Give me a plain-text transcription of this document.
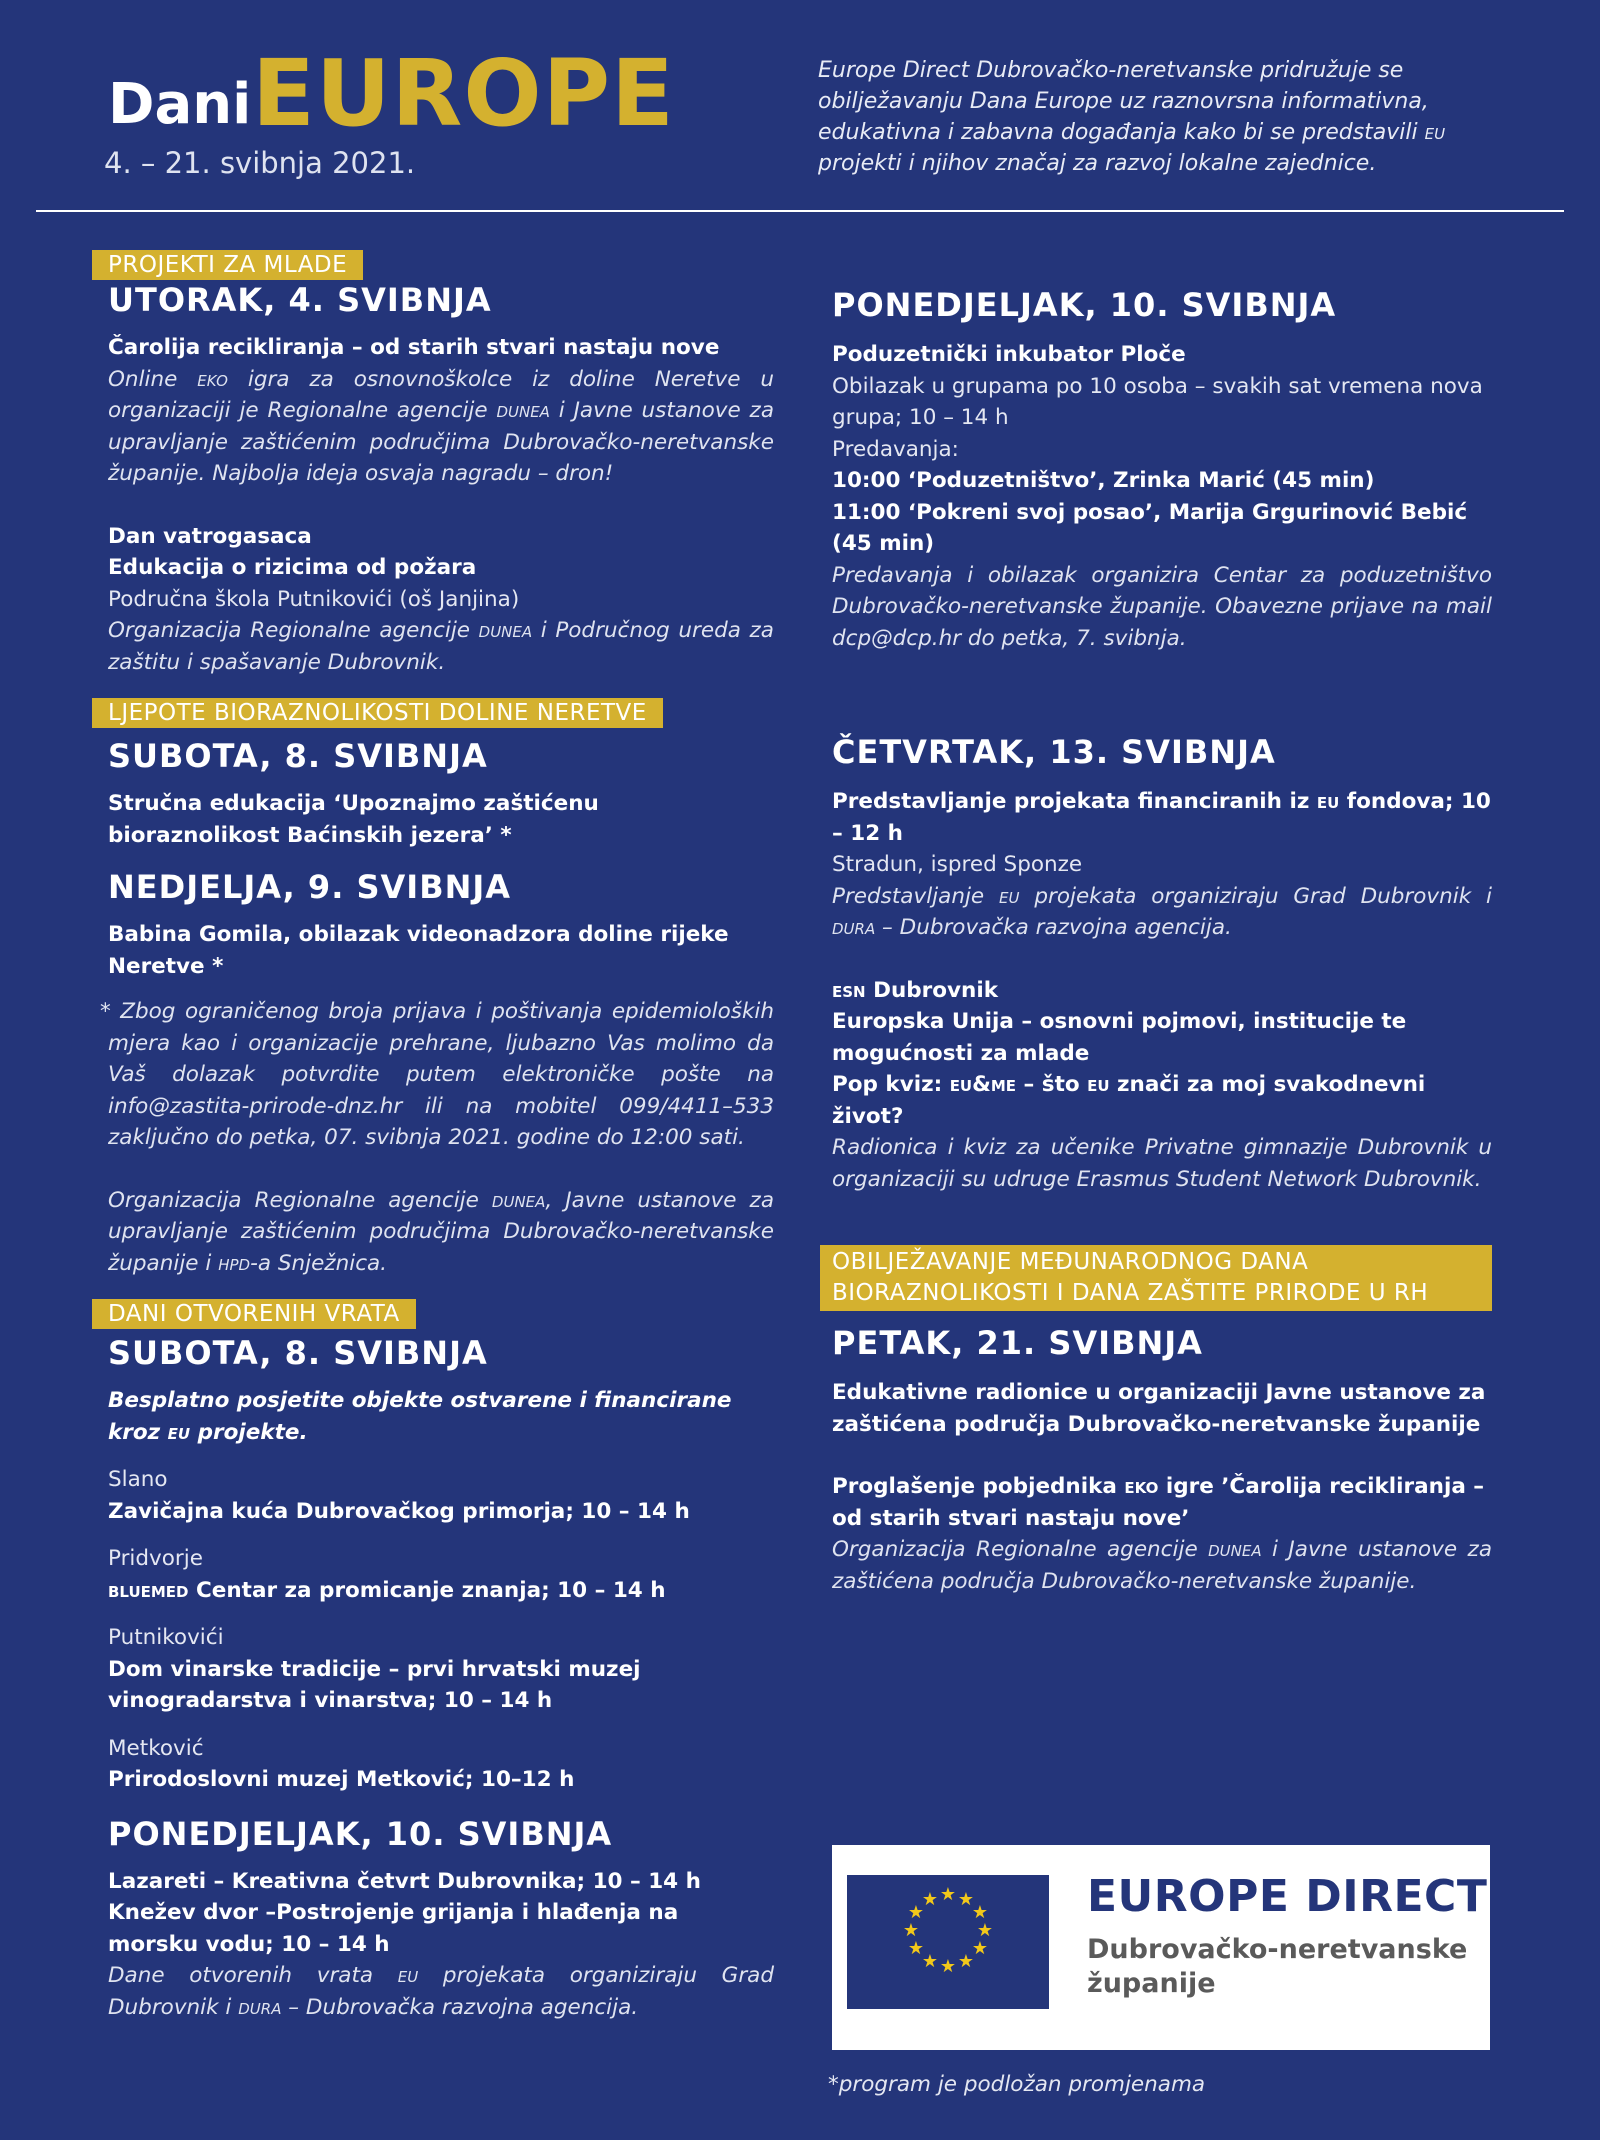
Dani EUROPE
4. – 21. svibnja 2021.
Europe Direct Dubrovačko-neretvanske pridružuje se obilježavanju Dana Europe uz raznovrsna informativna, edukativna i zabavna događanja kako bi se predstavili eu projekti i njihov značaj za razvoj lokalne zajednice.
PROJEKTI ZA MLADE
UTORAK, 4. SVIBNJA
Čarolija recikliranja – od starih stvari nastaju nove
Online eko igra za osnovnoškolce iz doline Neretve u organizaciji je Regionalne agencije dunea i Javne ustanove za upravljanje zaštićenim područjima Dubrovačko-neretvanske županije. Najbolja ideja osvaja nagradu – dron!
Dan vatrogasaca
Edukacija o rizicima od požara
Područna škola Putnikovići (oš Janjina)
Organizacija Regionalne agencije dunea i Područnog ureda za zaštitu i spašavanje Dubrovnik.
LJEPOTE BIORAZNOLIKOSTI DOLINE NERETVE
SUBOTA, 8. SVIBNJA
Stručna edukacija ‘Upoznajmo zaštićenu bioraznolikost Baćinskih jezera’ *
NEDJELJA, 9. SVIBNJA
Babina Gomila, obilazak videonadzora doline rijeke Neretve *
* Zbog ograničenog broja prijava i poštivanja epidemioloških mjera kao i organizacije prehrane, ljubazno Vas molimo da Vaš dolazak potvrdite putem elektroničke pošte na info@zastita-prirode-dnz.hr ili na mobitel 099/4411–533 zaključno do petka, 07. svibnja 2021. godine do 12:00 sati.
Organizacija Regionalne agencije dunea, Javne ustanove za upravljanje zaštićenim područjima Dubrovačko-neretvanske županije i hpd-a Snježnica.
DANI OTVORENIH VRATA
SUBOTA, 8. SVIBNJA
Besplatno posjetite objekte ostvarene i financirane kroz eu projekte.
Slano
Zavičajna kuća Dubrovačkog primorja; 10 – 14 h
Pridvorje
bluemed Centar za promicanje znanja; 10 – 14 h
Putnikovići
Dom vinarske tradicije – prvi hrvatski muzej vinogradarstva i vinarstva; 10 – 14 h
Metković
Prirodoslovni muzej Metković; 10–12 h
PONEDJELJAK, 10. SVIBNJA
Lazareti – Kreativna četvrt Dubrovnika; 10 – 14 h
Knežev dvor –Postrojenje grijanja i hlađenja na morsku vodu; 10 – 14 h
Dane otvorenih vrata eu projekata organiziraju Grad Dubrovnik i dura – Dubrovačka razvojna agencija.
PONEDJELJAK, 10. SVIBNJA
Poduzetnički inkubator Ploče
Obilazak u grupama po 10 osoba – svakih sat vremena nova grupa; 10 – 14 h
Predavanja:
10:00 ‘Poduzetništvo’, Zrinka Marić (45 min)
11:00 ‘Pokreni svoj posao’, Marija Grgurinović Bebić (45 min)
Predavanja i obilazak organizira Centar za poduzetništvo Dubrovačko-neretvanske županije. Obavezne prijave na mail dcp@dcp.hr do petka, 7. svibnja.
ČETVRTAK, 13. SVIBNJA
Predstavljanje projekata financiranih iz eu fondova; 10 – 12 h
Stradun, ispred Sponze
Predstavljanje eu projekata organiziraju Grad Dubrovnik i dura – Dubrovačka razvojna agencija.
esn Dubrovnik
Europska Unija – osnovni pojmovi, institucije te mogućnosti za mlade
Pop kviz: eu&me – što eu znači za moj svakodnevni život?
Radionica i kviz za učenike Privatne gimnazije Dubrovnik u organizaciji su udruge Erasmus Student Network Dubrovnik.
OBILJEŽAVANJE MEĐUNARODNOG DANA BIORAZNOLIKOSTI I DANA ZAŠTITE PRIRODE U RH
PETAK, 21. SVIBNJA
Edukativne radionice u organizaciji Javne ustanove za zaštićena područja Dubrovačko-neretvanske županije
Proglašenje pobjednika eko igre ’Čarolija recikliranja – od starih stvari nastaju nove’
Organizacija Regionalne agencije dunea i Javne ustanove za zaštićena područja Dubrovačko-neretvanske županije.
★ ★
★
★
★
★
★
★
★
★
★
★	EUROPE DIRECT
Dubrovačko-neretvanske
županije
*program je podložan promjenama
